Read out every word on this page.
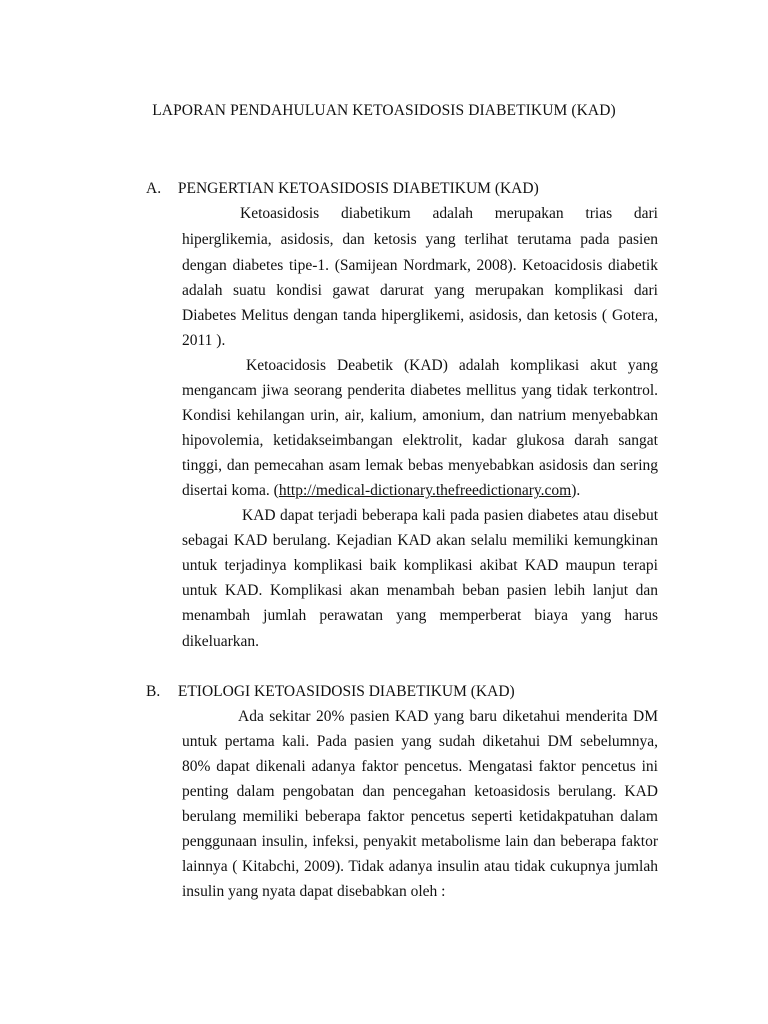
LAPORAN PENDAHULUAN KETOASIDOSIS DIABETIKUM (KAD)
A. PENGERTIAN KETOASIDOSIS DIABETIKUM (KAD)
Ketoasidosis diabetikum adalah merupakan trias dari
hiperglikemia, asidosis, dan ketosis yang terlihat terutama pada pasien
dengan diabetes tipe-1. (Samijean Nordmark, 2008). Ketoacidosis diabetik
adalah suatu kondisi gawat darurat yang merupakan komplikasi dari
Diabetes Melitus dengan tanda hiperglikemi, asidosis, dan ketosis ( Gotera,
2011 ).
Ketoacidosis Deabetik (KAD) adalah komplikasi akut yang
mengancam jiwa seorang penderita diabetes mellitus yang tidak terkontrol.
Kondisi kehilangan urin, air, kalium, amonium, dan natrium menyebabkan
hipovolemia, ketidakseimbangan elektrolit, kadar glukosa darah sangat
tinggi, dan pemecahan asam lemak bebas menyebabkan asidosis dan sering
disertai koma. (http://medical-dictionary.thefreedictionary.com).
KAD dapat terjadi beberapa kali pada pasien diabetes atau disebut
sebagai KAD berulang. Kejadian KAD akan selalu memiliki kemungkinan
untuk terjadinya komplikasi baik komplikasi akibat KAD maupun terapi
untuk KAD. Komplikasi akan menambah beban pasien lebih lanjut dan
menambah jumlah perawatan yang memperberat biaya yang harus
dikeluarkan.
B. ETIOLOGI KETOASIDOSIS DIABETIKUM (KAD)
Ada sekitar 20% pasien KAD yang baru diketahui menderita DM
untuk pertama kali. Pada pasien yang sudah diketahui DM sebelumnya,
80% dapat dikenali adanya faktor pencetus. Mengatasi faktor pencetus ini
penting dalam pengobatan dan pencegahan ketoasidosis berulang. KAD
berulang memiliki beberapa faktor pencetus seperti ketidakpatuhan dalam
penggunaan insulin, infeksi, penyakit metabolisme lain dan beberapa faktor
lainnya ( Kitabchi, 2009). Tidak adanya insulin atau tidak cukupnya jumlah
insulin yang nyata dapat disebabkan oleh :
